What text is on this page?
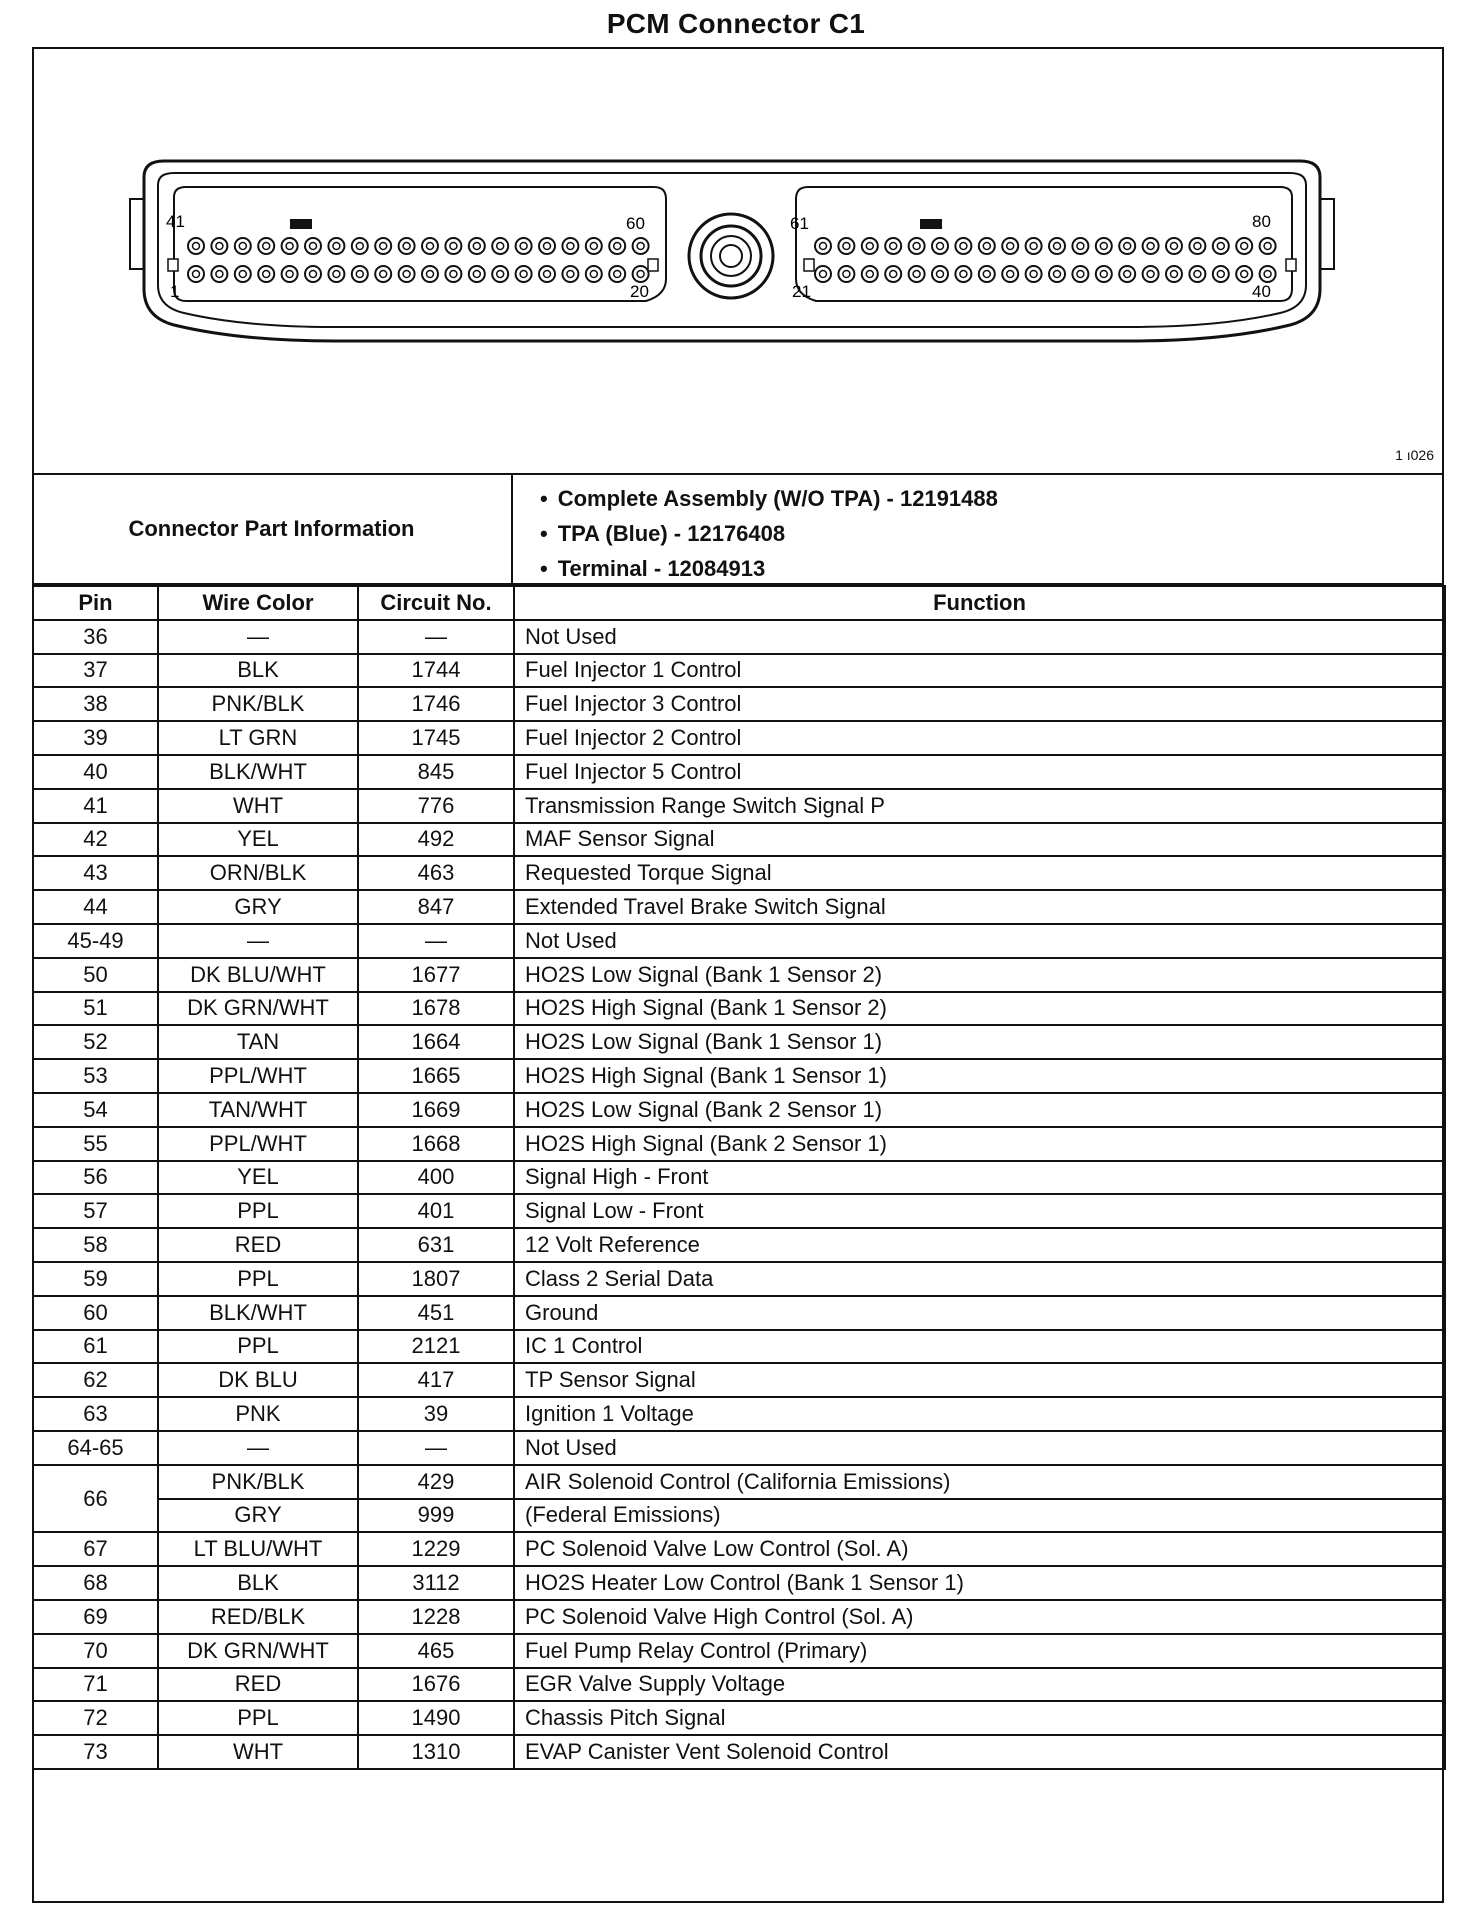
PCM Connector C1
41	60
1	20
61	80
21	40
1 ı026
Connector Part Information
• Complete Assembly (W/O TPA) - 12191488
• TPA (Blue) - 12176408
• Terminal - 12084913
Pin	Wire Color	Circuit No.	Function
36	—	—	Not Used
37	BLK	1744	Fuel Injector 1 Control
38	PNK/BLK	1746	Fuel Injector 3 Control
39	LT GRN	1745	Fuel Injector 2 Control
40	BLK/WHT	845	Fuel Injector 5 Control
41	WHT	776	Transmission Range Switch Signal P
42	YEL	492	MAF Sensor Signal
43	ORN/BLK	463	Requested Torque Signal
44	GRY	847	Extended Travel Brake Switch Signal
45-49	—	—	Not Used
50	DK BLU/WHT	1677	HO2S Low Signal (Bank 1 Sensor 2)
51	DK GRN/WHT	1678	HO2S High Signal (Bank 1 Sensor 2)
52	TAN	1664	HO2S Low Signal (Bank 1 Sensor 1)
53	PPL/WHT	1665	HO2S High Signal (Bank 1 Sensor 1)
54	TAN/WHT	1669	HO2S Low Signal (Bank 2 Sensor 1)
55	PPL/WHT	1668	HO2S High Signal (Bank 2 Sensor 1)
56	YEL	400	Signal High - Front
57	PPL	401	Signal Low - Front
58	RED	631	12 Volt Reference
59	PPL	1807	Class 2 Serial Data
60	BLK/WHT	451	Ground
61	PPL	2121	IC 1 Control
62	DK BLU	417	TP Sensor Signal
63	PNK	39	Ignition 1 Voltage
64-65	—	—	Not Used
66	PNK/BLK	429	AIR Solenoid Control (California Emissions)
	GRY	999	(Federal Emissions)
67	LT BLU/WHT	1229	PC Solenoid Valve Low Control (Sol. A)
68	BLK	3112	HO2S Heater Low Control (Bank 1 Sensor 1)
69	RED/BLK	1228	PC Solenoid Valve High Control (Sol. A)
70	DK GRN/WHT	465	Fuel Pump Relay Control (Primary)
71	RED	1676	EGR Valve Supply Voltage
72	PPL	1490	Chassis Pitch Signal
73	WHT	1310	EVAP Canister Vent Solenoid Control
